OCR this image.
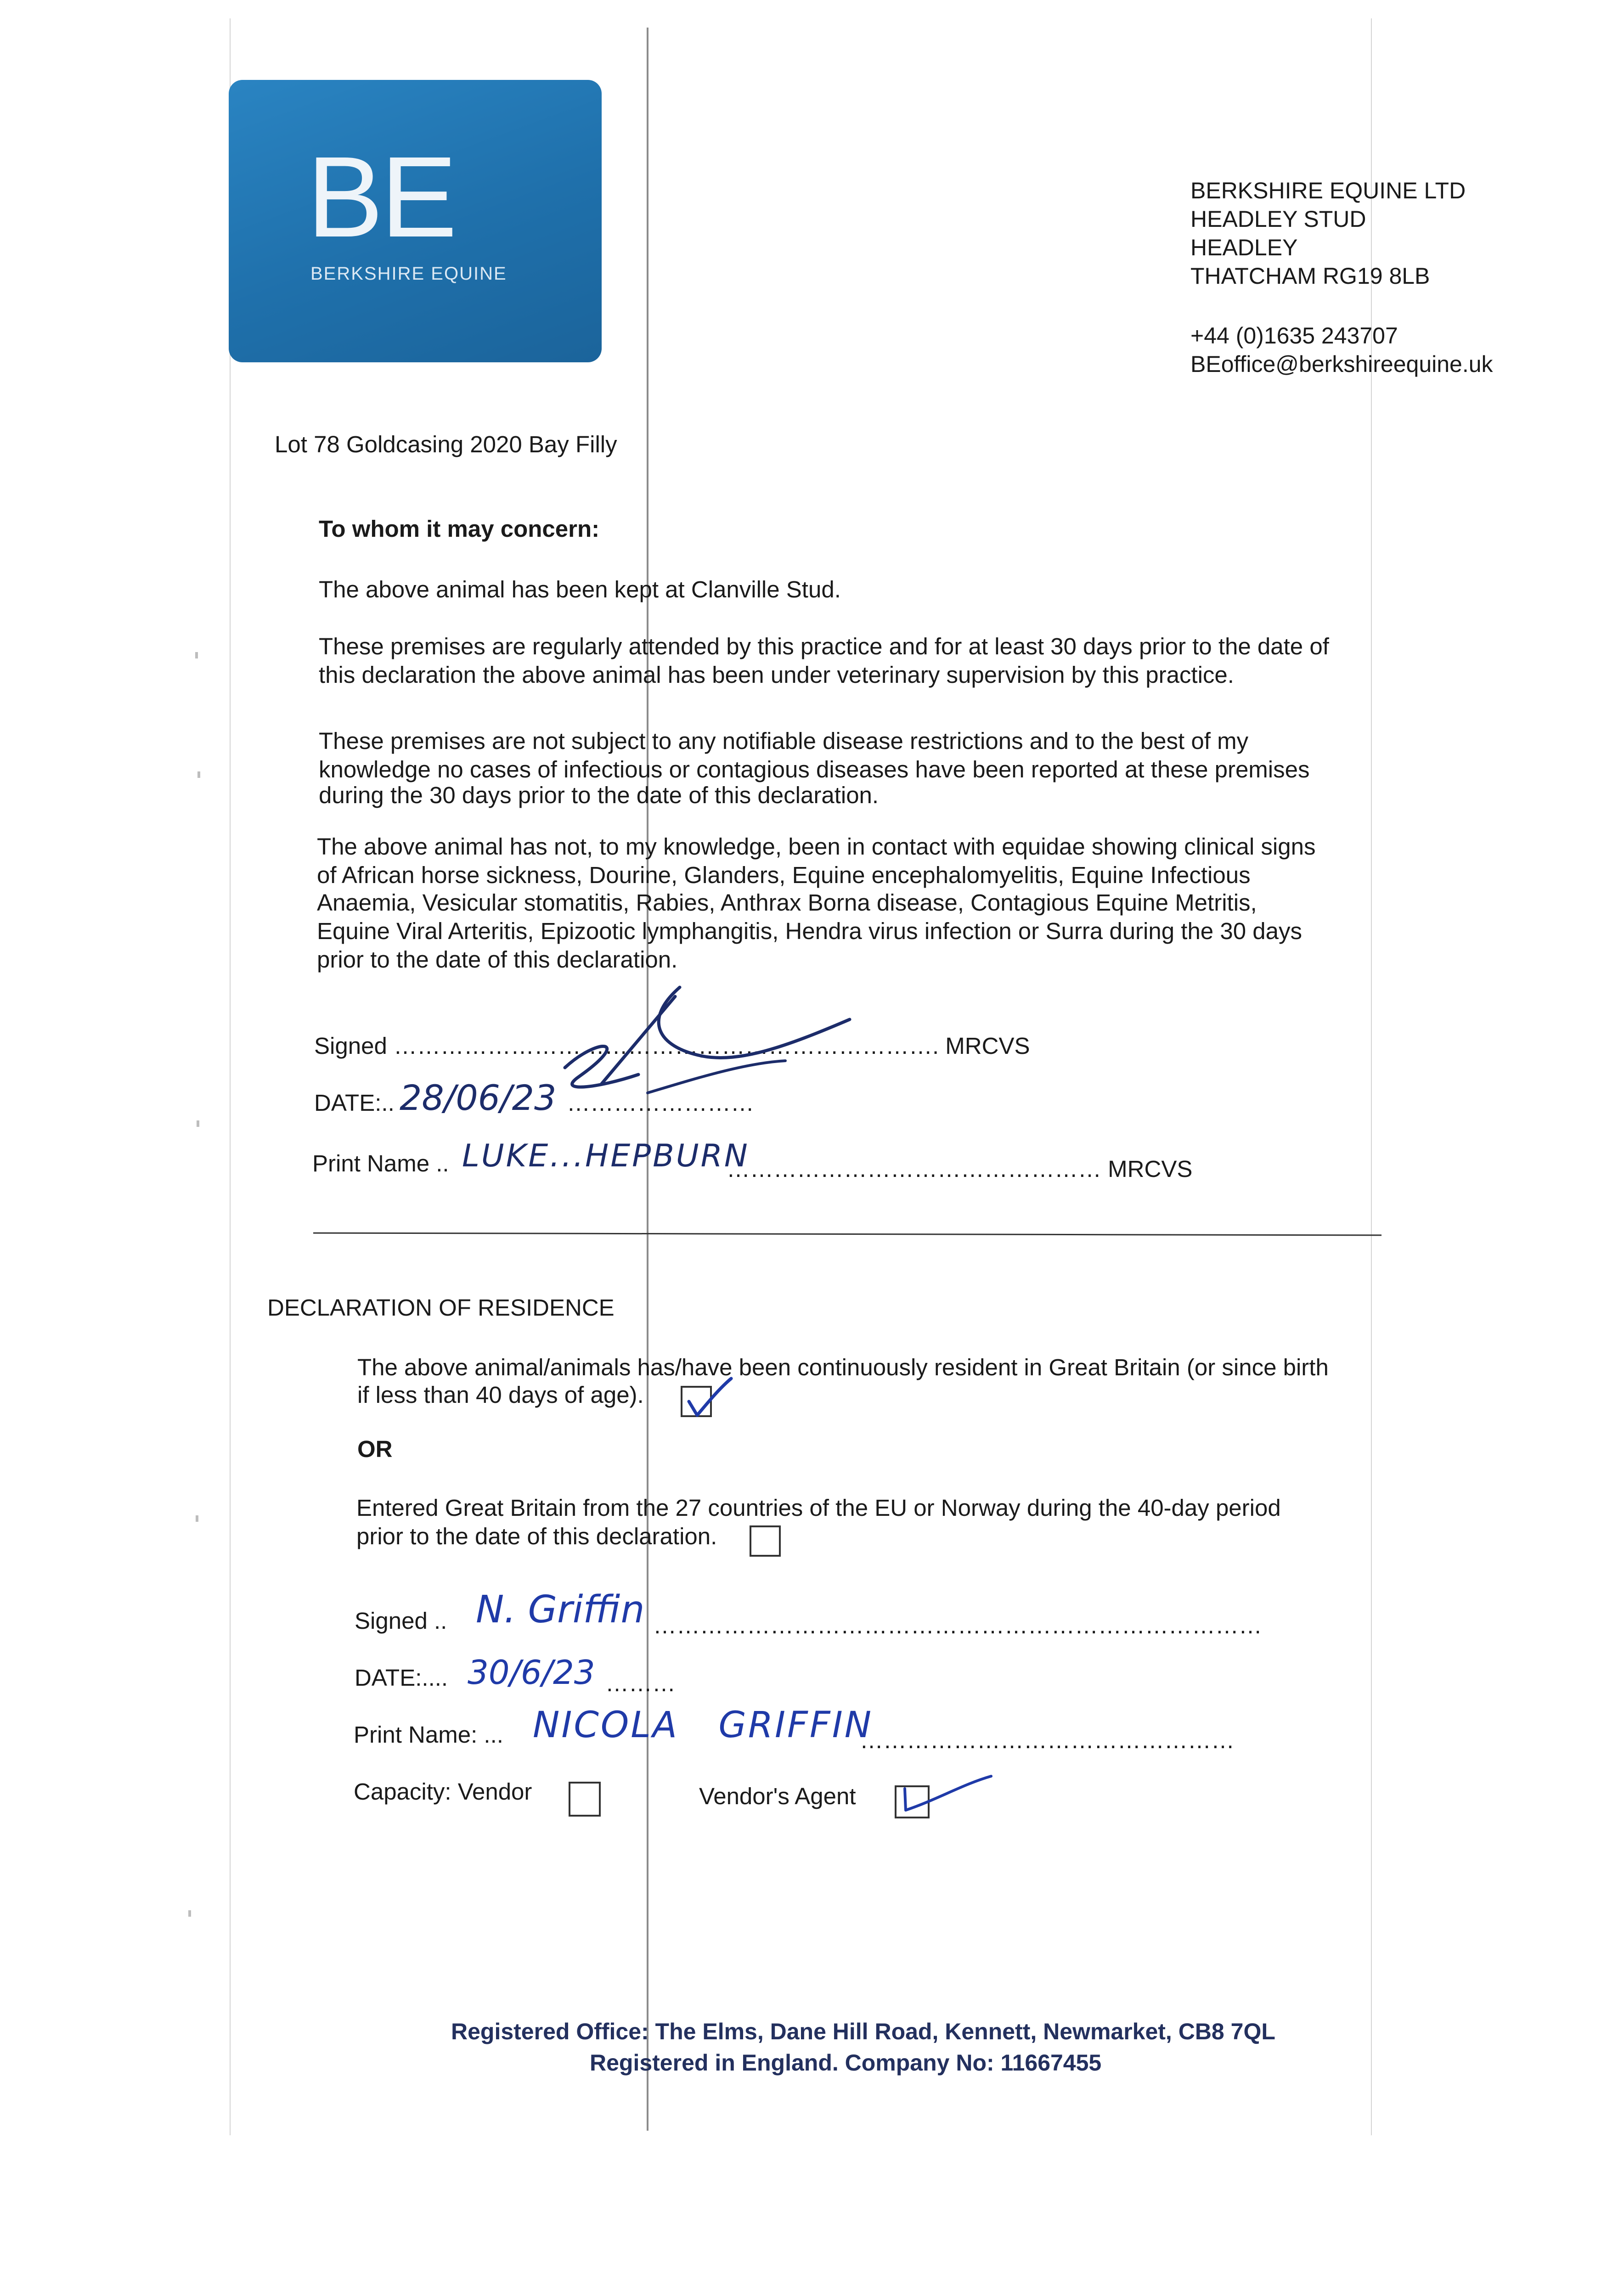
BE
BERKSHIRE EQUINE
BERKSHIRE EQUINE LTD
HEADLEY STUD
HEADLEY
THATCHAM RG19 8LB
+44 (0)1635 243707
BEoffice@berkshireequine.uk
Lot 78 Goldcasing 2020 Bay Filly
To whom it may concern:
The above animal has been kept at Clanville Stud.
These premises are regularly attended by this practice and for at least 30 days prior to the date of
this declaration the above animal has been under veterinary supervision by this practice.
These premises are not subject to any notifiable disease restrictions and to the best of my
knowledge no cases of infectious or contagious diseases have been reported at these premises
during the 30 days prior to the date of this declaration.
The above animal has not, to my knowledge, been in contact with equidae showing clinical signs
of African horse sickness, Dourine, Glanders, Equine encephalomyelitis, Equine Infectious
Anaemia, Vesicular stomatitis, Rabies, Anthrax Borna disease, Contagious Equine Metritis,
Equine Viral Arteritis, Epizootic lymphangitis, Hendra virus infection or Surra during the 30 days
prior to the date of this declaration.
Signed ……………………………………………………………. MRCVS
DATE:.. 28/06/23 ……………………
Print Name .. LUKE...HEPBURN
………………………………………… MRCVS
DECLARATION OF RESIDENCE
The above animal/animals has/have been continuously resident in Great Britain (or since birth
if less than 40 days of age).
OR
Entered Great Britain from the 27 countries of the EU or Norway during the 40-day period
prior to the date of this declaration.
Signed .. N. Griffin ……………………………………………………………………
DATE:.... 30/6/23 ………
Print Name: ... NICOLA   GRIFFIN
…………………………………………
Capacity: Vendor	Vendor's Agent
Registered Office: The Elms, Dane Hill Road, Kennett, Newmarket, CB8 7QL
Registered in England. Company No: 11667455
